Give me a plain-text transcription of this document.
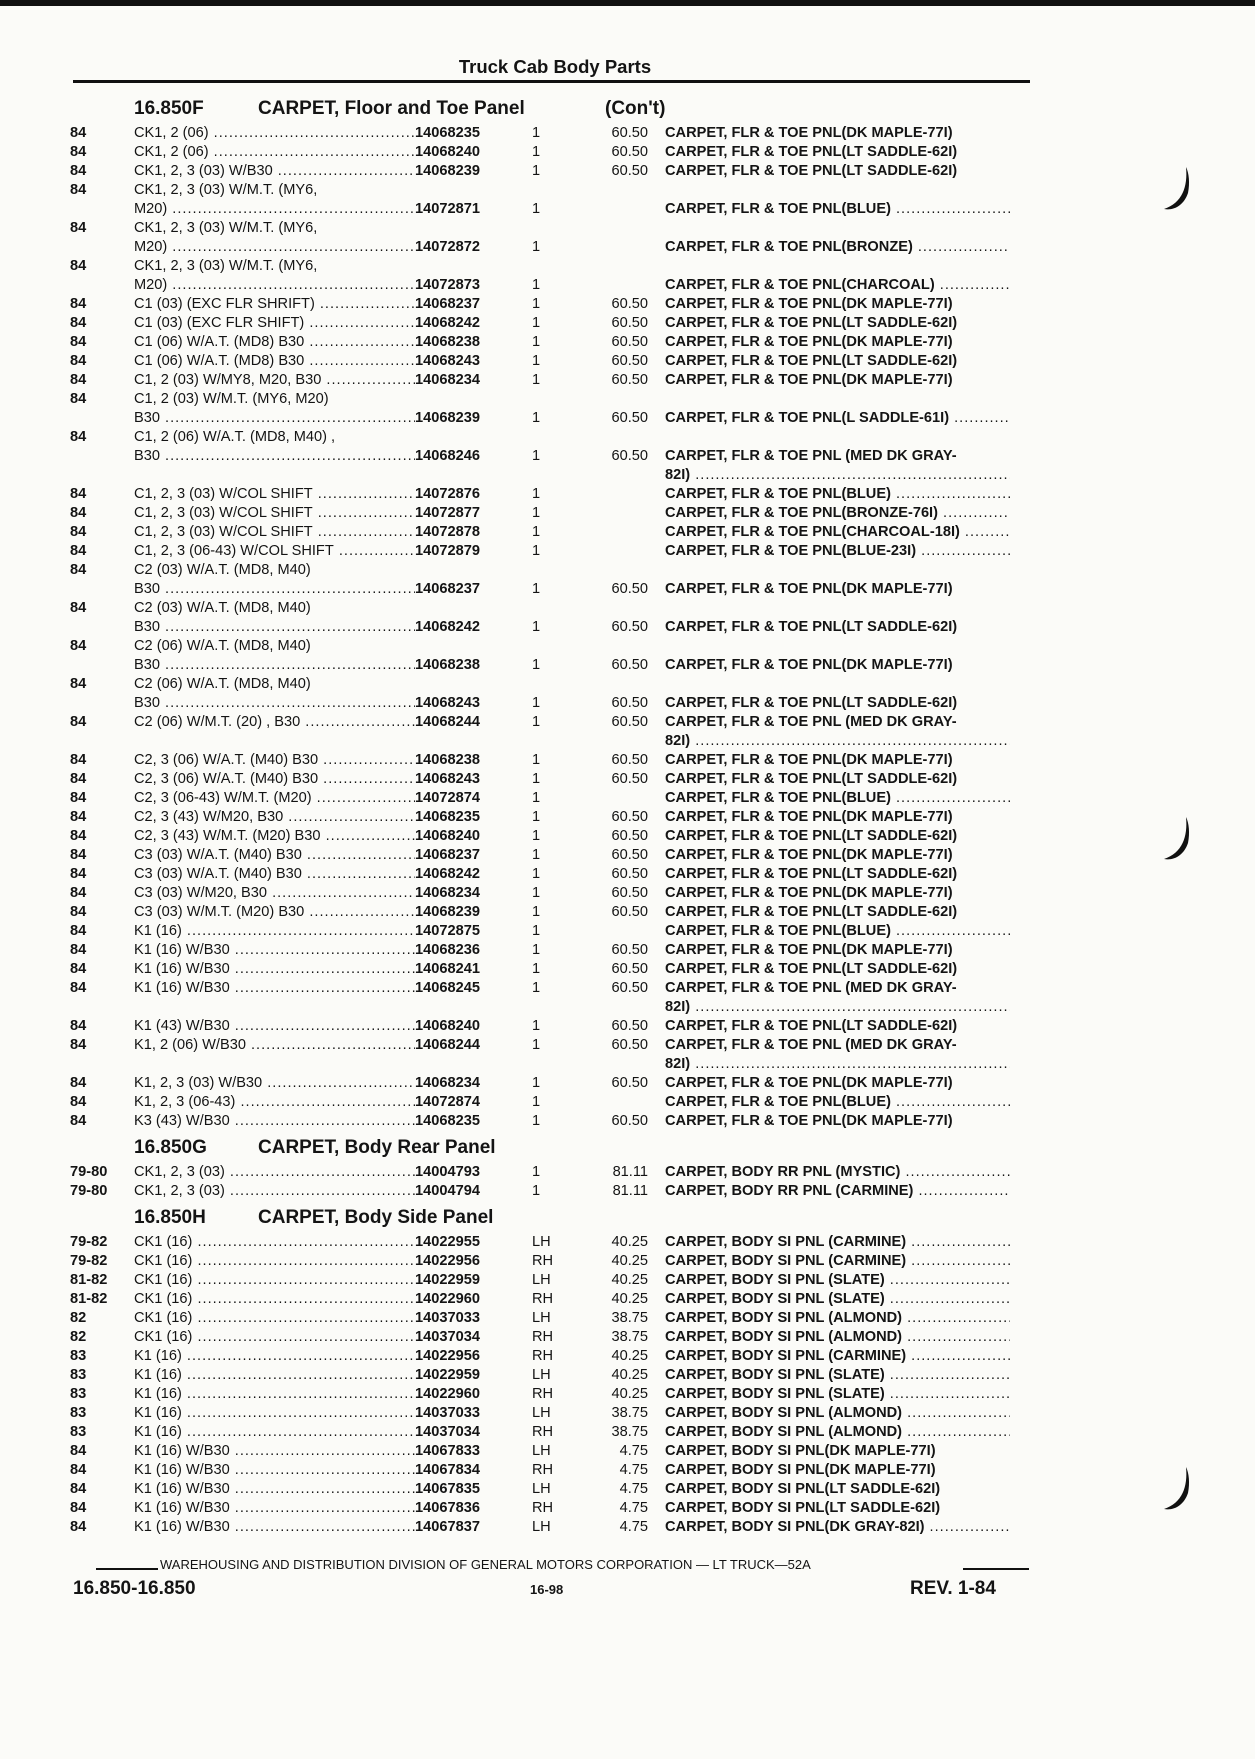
Truck Cab Body Parts
16.850F	CARPET, Floor and Toe Panel	(Con't)
84	CK1, 2 (06) .....	14068235	1	60.50 CARPET, FLR & TOE PNL(DK MAPLE-77I)
84	CK1, 2 (06) .....	14068240	1	60.50 CARPET, FLR & TOE PNL(LT SADDLE-62I)
84	CK1, 2, 3 (03) W/B30 .....	14068239	1	60.50 CARPET, FLR & TOE PNL(LT SADDLE-62I)
84	CK1, 2, 3 (03) W/M.T. (MY6,
M20) .....	14072871	1	CARPET, FLR & TOE PNL(BLUE) .....
84	CK1, 2, 3 (03) W/M.T. (MY6,
M20) .....	14072872	1	CARPET, FLR & TOE PNL(BRONZE) .....
84	CK1, 2, 3 (03) W/M.T. (MY6,
M20) .....	14072873	1	CARPET, FLR & TOE PNL(CHARCOAL) .....
84	C1 (03) (EXC FLR SHRIFT) .....	14068237	1	60.50 CARPET, FLR & TOE PNL(DK MAPLE-77I)
84	C1 (03) (EXC FLR SHIFT) .....	14068242	1	60.50 CARPET, FLR & TOE PNL(LT SADDLE-62I)
84	C1 (06) W/A.T. (MD8) B30 .....	14068238	1	60.50 CARPET, FLR & TOE PNL(DK MAPLE-77I)
84	C1 (06) W/A.T. (MD8) B30 .....	14068243	1	60.50 CARPET, FLR & TOE PNL(LT SADDLE-62I)
84	C1, 2 (03) W/MY8, M20, B30 .....	14068234	1	60.50 CARPET, FLR & TOE PNL(DK MAPLE-77I)
84	C1, 2 (03) W/M.T. (MY6, M20)
B30 .....	14068239	1	60.50 CARPET, FLR & TOE PNL(L SADDLE-61I) .....
84	C1, 2 (06) W/A.T. (MD8, M40) ,
B30 .....	14068246	1	60.50 CARPET, FLR & TOE PNL (MED DK GRAY-
82I) .....
84	C1, 2, 3 (03) W/COL SHIFT .....	14072876	1	CARPET, FLR & TOE PNL(BLUE) .....
84	C1, 2, 3 (03) W/COL SHIFT .....	14072877	1	CARPET, FLR & TOE PNL(BRONZE-76I) .....
84	C1, 2, 3 (03) W/COL SHIFT .....	14072878	1	CARPET, FLR & TOE PNL(CHARCOAL-18I) .....
84	C1, 2, 3 (06-43) W/COL SHIFT .....	14072879	1	CARPET, FLR & TOE PNL(BLUE-23I) .....
84	C2 (03) W/A.T. (MD8, M40)
B30 .....	14068237	1	60.50 CARPET, FLR & TOE PNL(DK MAPLE-77I)
84	C2 (03) W/A.T. (MD8, M40)
B30 .....	14068242	1	60.50 CARPET, FLR & TOE PNL(LT SADDLE-62I)
84	C2 (06) W/A.T. (MD8, M40)
B30 .....	14068238	1	60.50 CARPET, FLR & TOE PNL(DK MAPLE-77I)
84	C2 (06) W/A.T. (MD8, M40)
B30 .....	14068243	1	60.50 CARPET, FLR & TOE PNL(LT SADDLE-62I)
84	C2 (06) W/M.T. (20) , B30 .....	14068244	1	60.50 CARPET, FLR & TOE PNL (MED DK GRAY-
82I) .....
84	C2, 3 (06) W/A.T. (M40) B30 .....	14068238	1	60.50 CARPET, FLR & TOE PNL(DK MAPLE-77I)
84	C2, 3 (06) W/A.T. (M40) B30 .....	14068243	1	60.50 CARPET, FLR & TOE PNL(LT SADDLE-62I)
84	C2, 3 (06-43) W/M.T. (M20) .....	14072874	1	CARPET, FLR & TOE PNL(BLUE) .....
84	C2, 3 (43) W/M20, B30 .....	14068235	1	60.50 CARPET, FLR & TOE PNL(DK MAPLE-77I)
84	C2, 3 (43) W/M.T. (M20) B30 .....	14068240	1	60.50 CARPET, FLR & TOE PNL(LT SADDLE-62I)
84	C3 (03) W/A.T. (M40) B30 .....	14068237	1	60.50 CARPET, FLR & TOE PNL(DK MAPLE-77I)
84	C3 (03) W/A.T. (M40) B30 .....	14068242	1	60.50 CARPET, FLR & TOE PNL(LT SADDLE-62I)
84	C3 (03) W/M20, B30 .....	14068234	1	60.50 CARPET, FLR & TOE PNL(DK MAPLE-77I)
84	C3 (03) W/M.T. (M20) B30 .....	14068239	1	60.50 CARPET, FLR & TOE PNL(LT SADDLE-62I)
84	K1 (16) .....	14072875	1	CARPET, FLR & TOE PNL(BLUE) .....
84	K1 (16) W/B30 .....	14068236	1	60.50 CARPET, FLR & TOE PNL(DK MAPLE-77I)
84	K1 (16) W/B30 .....	14068241	1	60.50 CARPET, FLR & TOE PNL(LT SADDLE-62I)
84	K1 (16) W/B30 .....	14068245	1	60.50 CARPET, FLR & TOE PNL (MED DK GRAY-
82I) .....
84	K1 (43) W/B30 .....	14068240	1	60.50 CARPET, FLR & TOE PNL(LT SADDLE-62I)
84	K1, 2 (06) W/B30 .....	14068244	1	60.50 CARPET, FLR & TOE PNL (MED DK GRAY-
82I) .....
84	K1, 2, 3 (03) W/B30 .....	14068234	1	60.50 CARPET, FLR & TOE PNL(DK MAPLE-77I)
84	K1, 2, 3 (06-43) .....	14072874	1	CARPET, FLR & TOE PNL(BLUE) .....
84	K3 (43) W/B30 .....	14068235	1	60.50 CARPET, FLR & TOE PNL(DK MAPLE-77I)
16.850G	CARPET, Body Rear Panel
79-80	CK1, 2, 3 (03) .....	14004793	1	81.11 CARPET, BODY RR PNL (MYSTIC) .....
79-80	CK1, 2, 3 (03) .....	14004794	1	81.11 CARPET, BODY RR PNL (CARMINE) .....
16.850H	CARPET, Body Side Panel
79-82	CK1 (16) .....	14022955	LH	40.25 CARPET, BODY SI PNL (CARMINE) .....
79-82	CK1 (16) .....	14022956	RH	40.25 CARPET, BODY SI PNL (CARMINE) .....
81-82	CK1 (16) .....	14022959	LH	40.25 CARPET, BODY SI PNL (SLATE) .....
81-82	CK1 (16) .....	14022960	RH	40.25 CARPET, BODY SI PNL (SLATE) .....
82	CK1 (16) .....	14037033	LH	38.75 CARPET, BODY SI PNL (ALMOND) .....
82	CK1 (16) .....	14037034	RH	38.75 CARPET, BODY SI PNL (ALMOND) .....
83	K1 (16) .....	14022956	RH	40.25 CARPET, BODY SI PNL (CARMINE) .....
83	K1 (16) .....	14022959	LH	40.25 CARPET, BODY SI PNL (SLATE) .....
83	K1 (16) .....	14022960	RH	40.25 CARPET, BODY SI PNL (SLATE) .....
83	K1 (16) .....	14037033	LH	38.75 CARPET, BODY SI PNL (ALMOND) .....
83	K1 (16) .....	14037034	RH	38.75 CARPET, BODY SI PNL (ALMOND) .....
84	K1 (16) W/B30 .....	14067833	LH	4.75 CARPET, BODY SI PNL(DK MAPLE-77I)
84	K1 (16) W/B30 .....	14067834	RH	4.75 CARPET, BODY SI PNL(DK MAPLE-77I)
84	K1 (16) W/B30 .....	14067835	LH	4.75 CARPET, BODY SI PNL(LT SADDLE-62I)
84	K1 (16) W/B30 .....	14067836	RH	4.75 CARPET, BODY SI PNL(LT SADDLE-62I)
84	K1 (16) W/B30 .....	14067837	LH	4.75 CARPET, BODY SI PNL(DK GRAY-82I) .....
WAREHOUSING AND DISTRIBUTION DIVISION OF GENERAL MOTORS CORPORATION — LT TRUCK—52A
16.850-16.850	16-98	REV. 1-84
